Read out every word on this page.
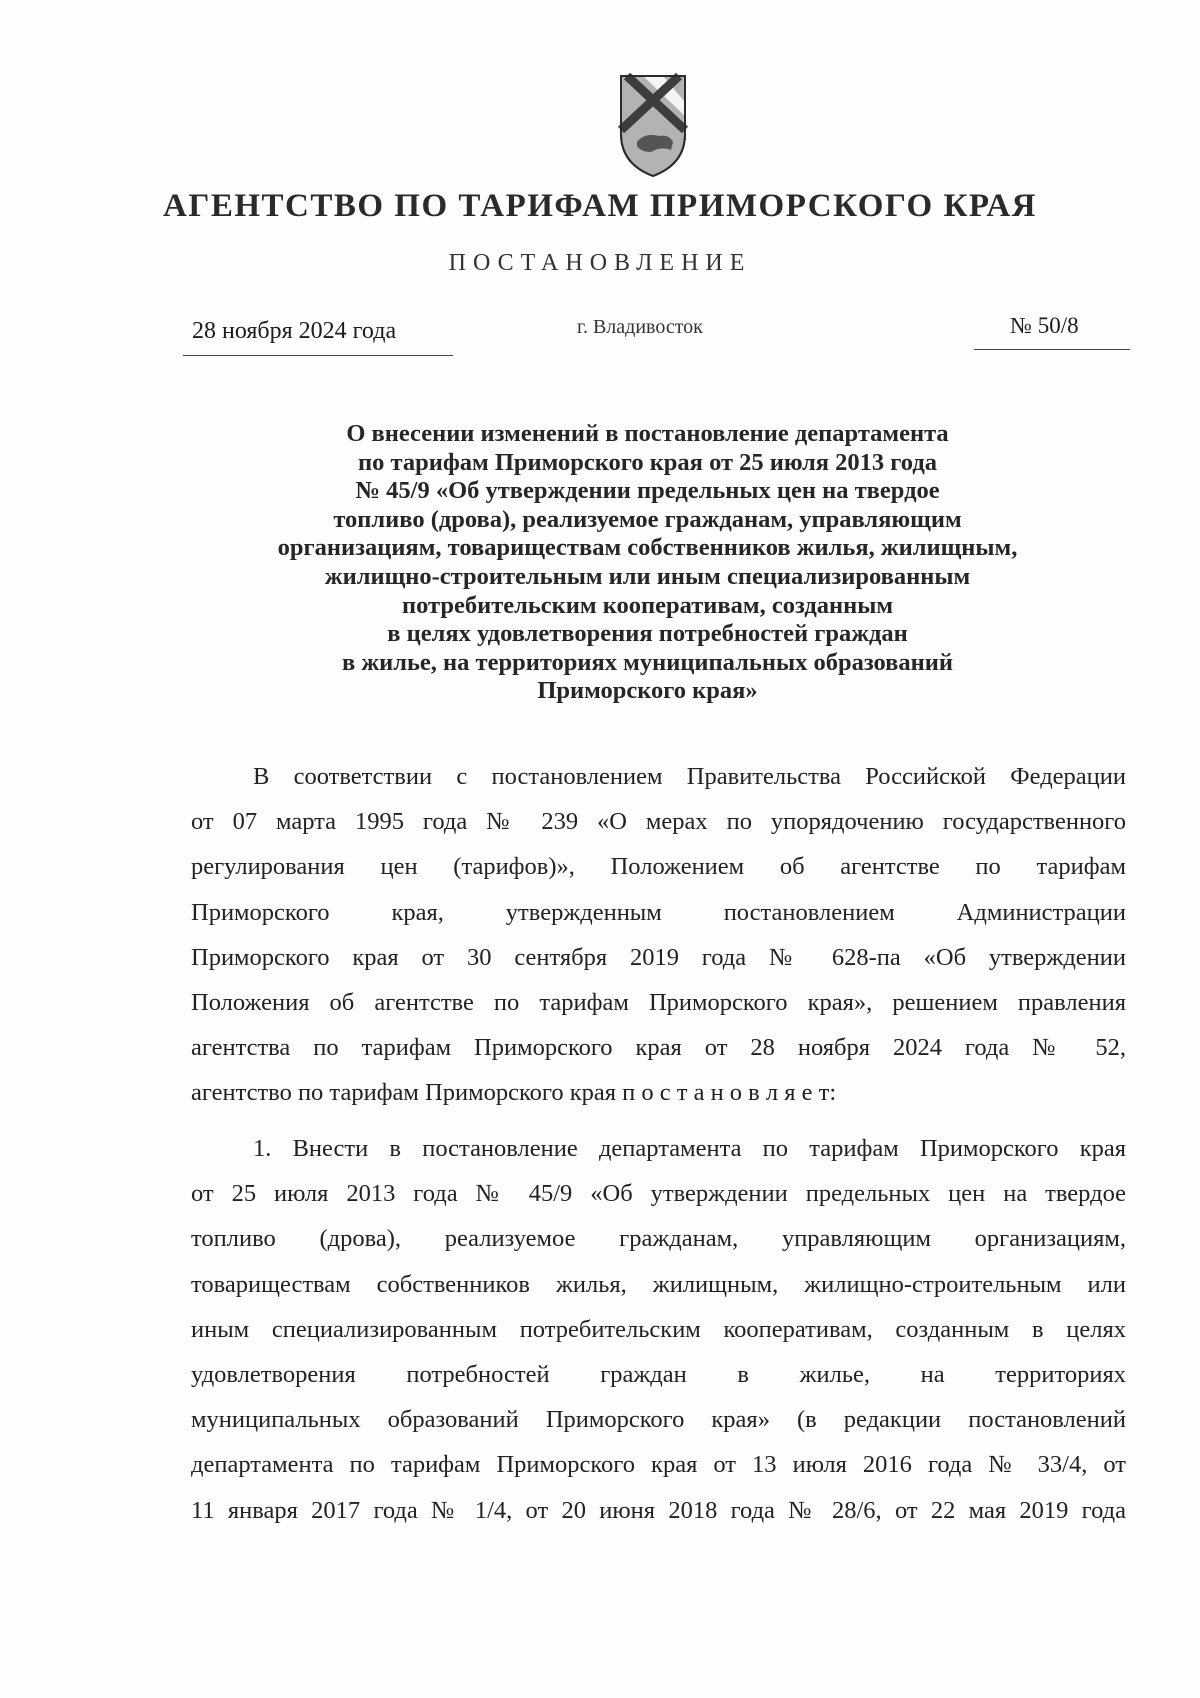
АГЕНТСТВО ПО ТАРИФАМ ПРИМОРСКОГО КРАЯ
ПОСТАНОВЛЕНИЕ
28 ноября 2024 года	г. Владивосток	№ 50/8
О внесении изменений в постановление департамента
по тарифам Приморского края от 25 июля 2013 года
№ 45/9 «Об утверждении предельных цен на твердое
топливо (дрова), реализуемое гражданам, управляющим
организациям, товариществам собственников жилья, жилищным,
жилищно-строительным или иным специализированным
потребительским кооперативам, созданным
в целях удовлетворения потребностей граждан
в жилье, на территориях муниципальных образований
Приморского края»
В соответствии с постановлением Правительства Российской Федерации
от 07 марта 1995 года № 239 «О мерах по упорядочению государственного
регулирования цен (тарифов)», Положением об агентстве по тарифам
Приморского края, утвержденным постановлением Администрации
Приморского края от 30 сентября 2019 года № 628-па «Об утверждении
Положения об агентстве по тарифам Приморского края», решением правления
агентства по тарифам Приморского края от 28 ноября 2024 года № 52,
агентство по тарифам Приморского края п о с т а н о в л я е т:
1. Внести в постановление департамента по тарифам Приморского края
от 25 июля 2013 года № 45/9 «Об утверждении предельных цен на твердое
топливо (дрова), реализуемое гражданам, управляющим организациям,
товариществам собственников жилья, жилищным, жилищно-строительным или
иным специализированным потребительским кооперативам, созданным в целях
удовлетворения потребностей граждан в жилье, на территориях
муниципальных образований Приморского края» (в редакции постановлений
департамента по тарифам Приморского края от 13 июля 2016 года № 33/4, от
11 января 2017 года № 1/4, от 20 июня 2018 года № 28/6, от 22 мая 2019 года
